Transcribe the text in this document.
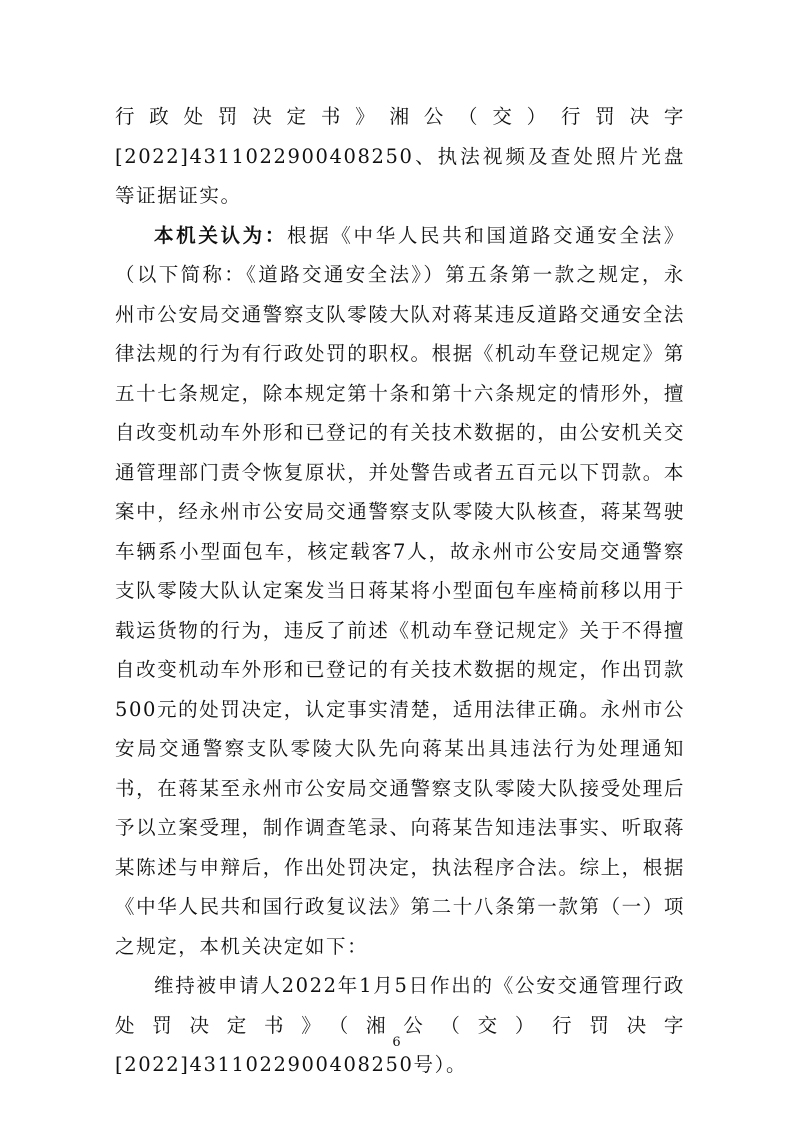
行政处罚决定书》湘公（交）行罚决字[2022]4311022900408250、执法视频及查处照片光盘等证据证实。

本机关认为：根据《中华人民共和国道路交通安全法》（以下简称：《道路交通安全法》）第五条第一款之规定，永州市公安局交通警察支队零陵大队对蒋某违反道路交通安全法律法规的行为有行政处罚的职权。根据《机动车登记规定》第五十七条规定，除本规定第十条和第十六条规定的情形外，擅自改变机动车外形和已登记的有关技术数据的，由公安机关交通管理部门责令恢复原状，并处警告或者五百元以下罚款。本案中，经永州市公安局交通警察支队零陵大队核查，蒋某驾驶车辆系小型面包车，核定载客7人，故永州市公安局交通警察支队零陵大队认定案发当日蒋某将小型面包车座椅前移以用于载运货物的行为，违反了前述《机动车登记规定》关于不得擅自改变机动车外形和已登记的有关技术数据的规定，作出罚款500元的处罚决定，认定事实清楚，适用法律正确。永州市公安局交通警察支队零陵大队先向蒋某出具违法行为处理通知书，在蒋某至永州市公安局交通警察支队零陵大队接受处理后予以立案受理，制作调查笔录、向蒋某告知违法事实、听取蒋某陈述与申辩后，作出处罚决定，执法程序合法。综上，根据《中华人民共和国行政复议法》第二十八条第一款第（一）项之规定，本机关决定如下：

维持被申请人2022年1月5日作出的《公安交通管理行政处罚决定书》（湘公（交）行罚决字[2022]4311022900408250号）。

6
